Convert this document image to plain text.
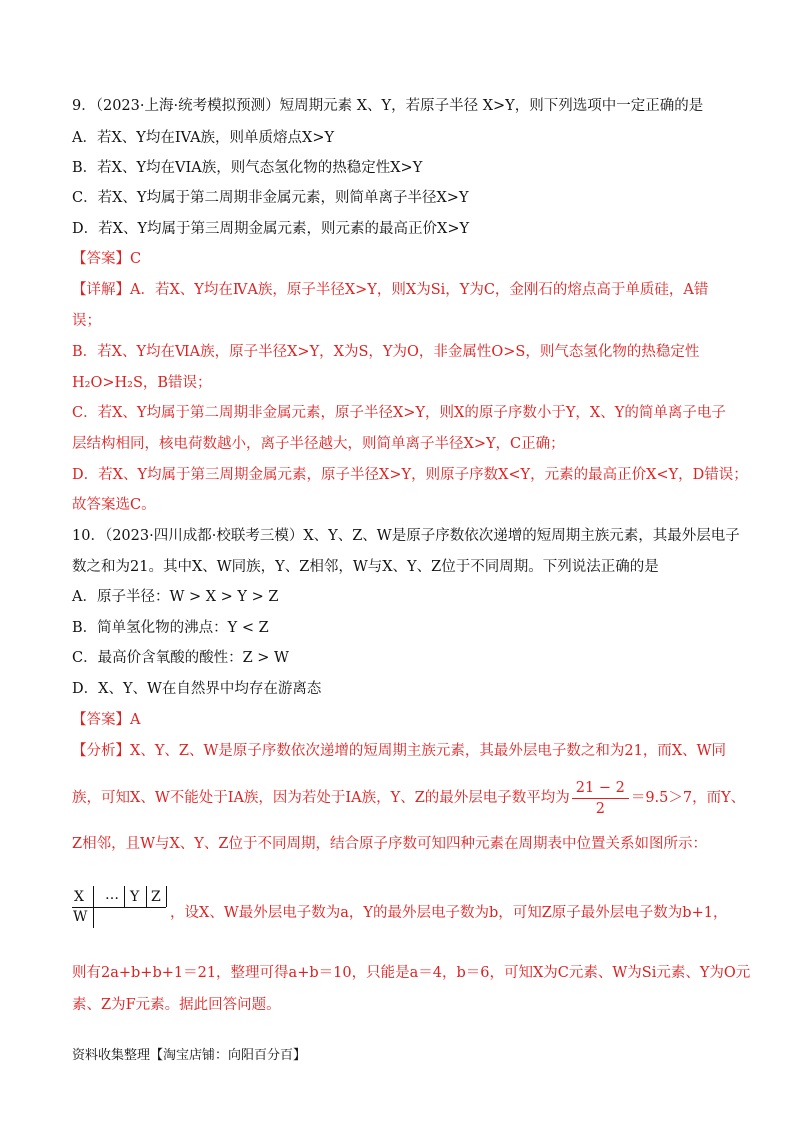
9．（2023·上海·统考模拟预测）短周期元素 X、Y，若原子半径 X>Y，则下列选项中一定正确的是
A．若X、Y均在IVA族，则单质熔点X>Y
B．若X、Y均在VIA族，则气态氢化物的热稳定性X>Y
C．若X、Y均属于第二周期非金属元素，则简单离子半径X>Y
D．若X、Y均属于第三周期金属元素，则元素的最高正价X>Y
【答案】C
【详解】A．若X、Y均在ⅣA族，原子半径X>Y，则X为Si，Y为C，金刚石的熔点高于单质硅，A错
误；
B．若X、Y均在ⅥA族，原子半径X>Y，X为S，Y为O，非金属性O>S，则气态氢化物的热稳定性
H₂O>H₂S，B错误；
C．若X、Y均属于第二周期非金属元素，原子半径X>Y，则X的原子序数小于Y，X、Y的简单离子电子
层结构相同，核电荷数越小，离子半径越大，则简单离子半径X>Y，C正确；
D．若X、Y均属于第三周期金属元素，原子半径X>Y，则原子序数X<Y，元素的最高正价X<Y，D错误；
故答案选C。
10．（2023·四川成都·校联考三模）X、Y、Z、W是原子序数依次递增的短周期主族元素，其最外层电子
数之和为21。其中X、W同族，Y、Z相邻，W与X、Y、Z位于不同周期。下列说法正确的是
A．原子半径：W > X > Y > Z
B．简单氢化物的沸点：Y < Z
C．最高价含氧酸的酸性：Z > W
D．X、Y、W在自然界中均存在游离态
【答案】A
【分析】X、Y、Z、W是原子序数依次递增的短周期主族元素，其最外层电子数之和为21，而X、W同
族，可知X、W不能处于IA族，因为若处于IA族，Y、Z的最外层电子数平均为 $\frac{21 - 2}{2} =9.5>7$，而Y、
Z相邻，且W与X、Y、Z位于不同周期，结合原子序数可知四种元素在周期表中位置关系如图所示：
X … Y Z
W	，设X、W最外层电子数为a，Y的最外层电子数为b，可知Z原子最外层电子数为b+1，
则有2a+b+b+1＝21，整理可得a+b＝10，只能是a＝4，b＝6，可知X为C元素、W为Si元素、Y为O元
素、Z为F元素。据此回答问题。
资料收集整理【淘宝店铺：向阳百分百】
